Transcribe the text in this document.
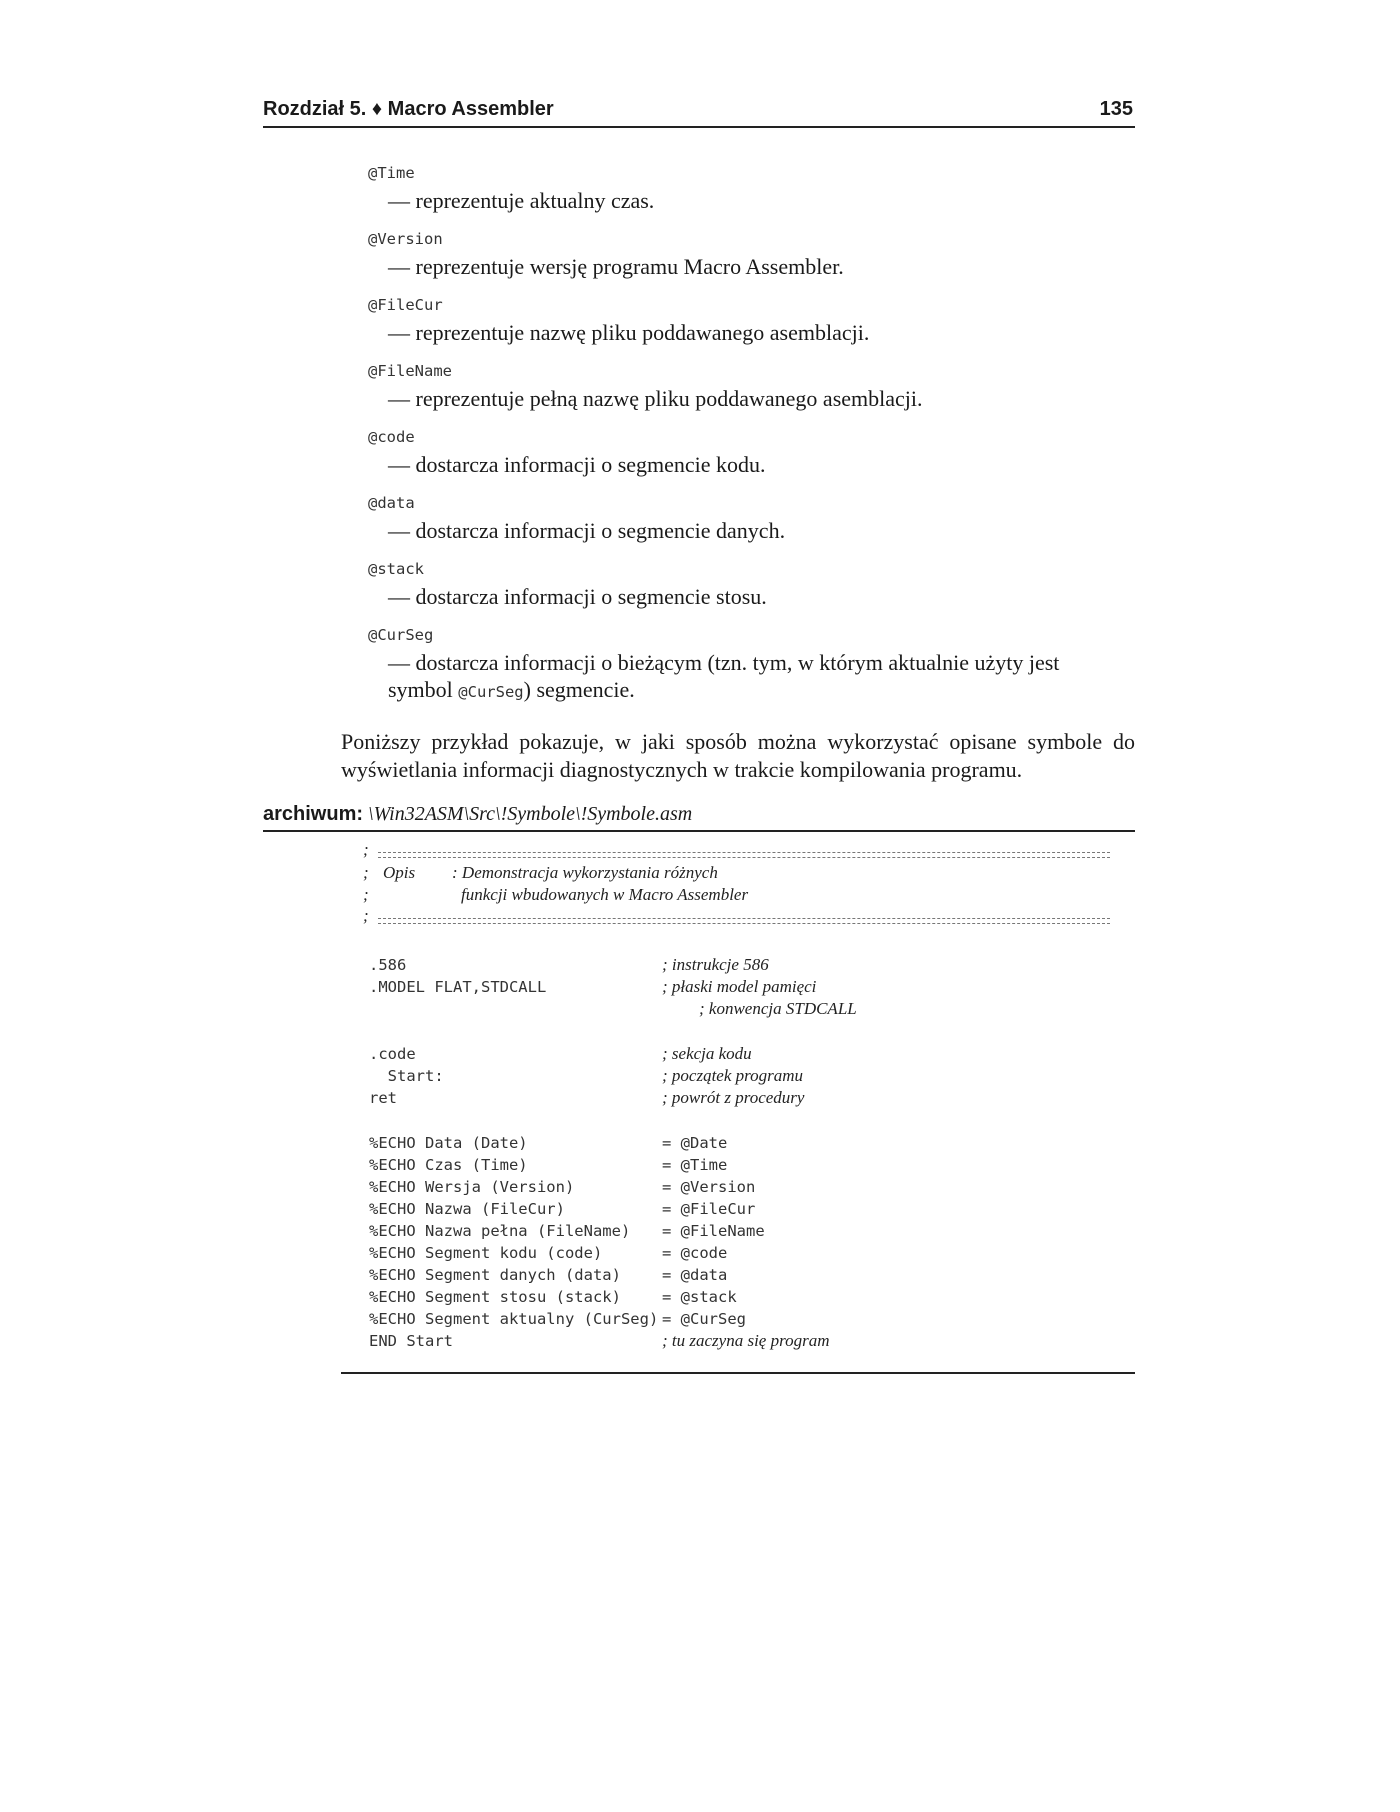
Rozdział 5. ♦ Macro Assembler	135
@Time
— reprezentuje aktualny czas.
@Version
— reprezentuje wersję programu Macro Assembler.
@FileCur
— reprezentuje nazwę pliku poddawanego asemblacji.
@FileName
— reprezentuje pełną nazwę pliku poddawanego asemblacji.
@code
— dostarcza informacji o segmencie kodu.
@data
— dostarcza informacji o segmencie danych.
@stack
— dostarcza informacji o segmencie stosu.
@CurSeg
— dostarcza informacji o bieżącym (tzn. tym, w którym aktualnie użyty jest symbol @CurSeg) segmencie.
Poniższy przykład pokazuje, w jaki sposób można wykorzystać opisane symbole do wyświetlania informacji diagnostycznych w trakcie kompilowania programu.
archiwum: \Win32ASM\Src\!Symbole\!Symbole.asm
;
; Opis : Demonstracja wykorzystania różnych
;	funkcji wbudowanych w Macro Assembler
;
.586	; instrukcje 586
.MODEL FLAT,STDCALL	; płaski model pamięci
; konwencja STDCALL
.code	; sekcja kodu
Start:	; początek programu
ret	; powrót z procedury
%ECHO Data (Date)	= @Date
%ECHO Czas (Time)	= @Time
%ECHO Wersja (Version)	= @Version
%ECHO Nazwa (FileCur)	= @FileCur
%ECHO Nazwa pełna (FileName) = @FileName
%ECHO Segment kodu (code)	= @code
%ECHO Segment danych (data)	= @data
%ECHO Segment stosu (stack)	= @stack
%ECHO Segment aktualny (CurSeg) = @CurSeg
END Start	; tu zaczyna się program
